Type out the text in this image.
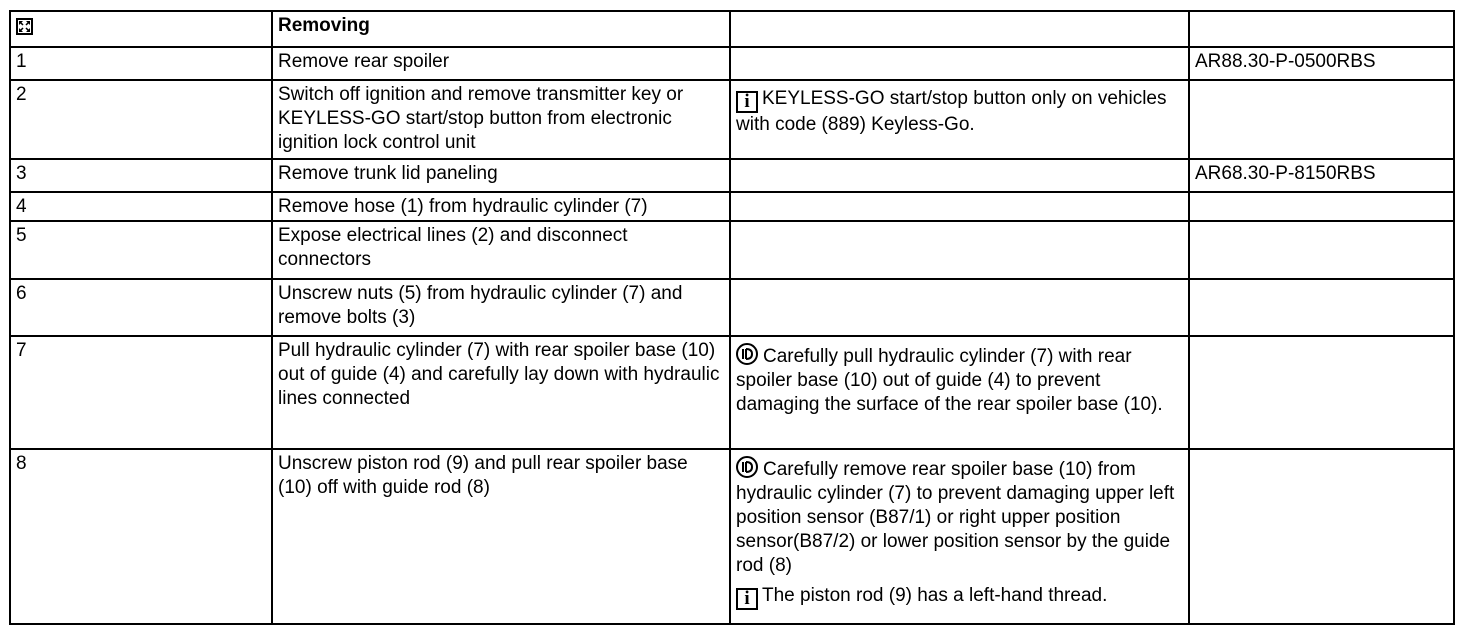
	Removing		
1	Remove rear spoiler		AR88.30-P-0500RBS
2	Switch off ignition and remove transmitter key or KEYLESS-GO start/stop button from electronic ignition lock control unit	i KEYLESS-GO start/stop button only on vehicles with code (889) Keyless-Go.	

3	Remove trunk lid paneling		AR68.30-P-8150RBS
4	Remove hose (1) from hydraulic cylinder (7)		
5	Expose electrical lines (2) and disconnect connectors		
6	Unscrew nuts (5) from hydraulic cylinder (7) and remove bolts (3)		
7	Pull hydraulic cylinder (7) with rear spoiler base (10) out of guide (4) and carefully lay down with hydraulic lines connected	Carefully pull hydraulic cylinder (7) with rear spoiler base (10) out of guide (4) to prevent damaging the surface of the rear spoiler base (10).	

8	Unscrew piston rod (9) and pull rear spoiler base (10) off with guide rod (8)	Carefully remove rear spoiler base (10) from hydraulic cylinder (7) to prevent damaging upper left position sensor (B87/1) or right upper position sensor(B87/2) or lower position sensor by the guide rod (8)
i The piston rod (9) has a left-hand thread.	
